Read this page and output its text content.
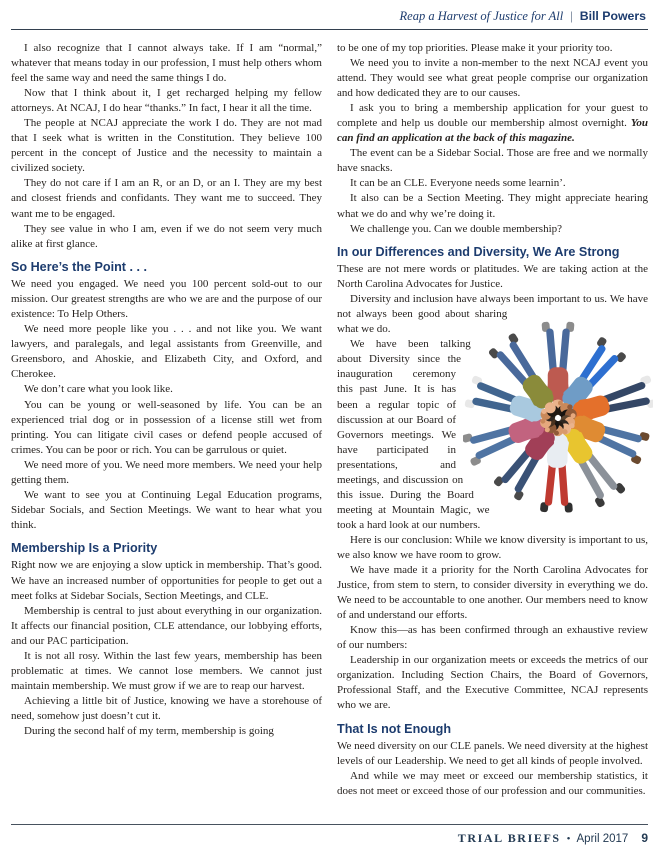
Reap a Harvest of Justice for All | Bill Powers

I also recognize that I cannot always take. If I am “normal,” whatever that means today in our profession, I must help others whom feel the same way and need the same things I do.

Now that I think about it, I get recharged helping my fellow attorneys. At NCAJ, I do hear “thanks.” In fact, I hear it all the time.

The people at NCAJ appreciate the work I do. They are not mad that I seek what is written in the Constitution. They believe 100 percent in the concept of Justice and the necessity to maintain a civilized society.

They do not care if I am an R, or an D, or an I. They are my best and closest friends and confidants. They want me to succeed. They want me to be engaged.

They see value in who I am, even if we do not seem very much alike at first glance.

So Here’s the Point . . .

We need you engaged. We need you 100 percent sold-out to our mission. Our greatest strengths are who we are and the purpose of our existence: To Help Others.

We need more people like you . . . and not like you. We want lawyers, and paralegals, and legal assistants from Greenville, and Greensboro, and Ahoskie, and Elizabeth City, and Oxford, and Cherokee.

We don’t care what you look like.

You can be young or well-seasoned by life. You can be an experienced trial dog or in possession of a license still wet from printing. You can litigate civil cases or defend people accused of crimes. You can be poor or rich. You can be garrulous or quiet.

We need more of you. We need more members. We need your help getting them.

We want to see you at Continuing Legal Education programs, Sidebar Socials, and Section Meetings. We want to hear what you think.

Membership Is a Priority

Right now we are enjoying a slow uptick in membership. That’s good. We have an increased number of opportunities for people to get out a meet folks at Sidebar Socials, Section Meetings, and CLE.

Membership is central to just about everything in our organization. It affects our financial position, CLE attendance, our lobbying efforts, and our PAC participation.

It is not all rosy. Within the last few years, membership has been problematic at times. We cannot lose members. We cannot just maintain membership. We must grow if we are to reap our harvest.

Achieving a little bit of Justice, knowing we have a storehouse of need, somehow just doesn’t cut it.

During the second half of my term, membership is going

to be one of my top priorities. Please make it your priority too.

We need you to invite a non-member to the next NCAJ event you attend. They would see what great people comprise our organization and how dedicated they are to our causes.

I ask you to bring a membership application for your guest to complete and help us double our membership almost overnight. You can find an application at the back of this magazine.

The event can be a Sidebar Social. Those are free and we normally have snacks.

It can be an CLE. Everyone needs some learnin’.

It also can be a Section Meeting. They might appreciate hearing what we do and why we’re doing it.

We challenge you. Can we double membership?

In our Differences and Diversity, We Are Strong

These are not mere words or platitudes. We are taking action at the North Carolina Advocates for Justice.

Diversity and inclusion have always been important to us. We have not always been good about sharing what we do.

We have been talking about Diversity since the inauguration ceremony this past June. It is has been a regular topic of discussion at our Board of Governors meetings. We have participated in presentations, and meetings, and discussion on this issue. During the Board meeting at Mountain Magic, we took a hard look at our numbers.

Here is our conclusion: While we know diversity is important to us, we also know we have room to grow.

We have made it a priority for the North Carolina Advocates for Justice, from stem to stern, to consider diversity in everything we do. We need to be accountable to one another. Our members need to know of and understand our efforts.

Know this—as has been confirmed through an exhaustive review of our numbers:

Leadership in our organization meets or exceeds the metrics of our organization. Including Section Chairs, the Board of Governors, Professional Staff, and the Executive Committee, NCAJ represents who we are.

That Is not Enough

We need diversity on our CLE panels. We need diversity at the highest levels of our Leadership. We need to get all kinds of people involved.

And while we may meet or exceed our membership statistics, it does not meet or exceed those of our profession and our communities.

TRIAL BRIEFS • April 2017 9
